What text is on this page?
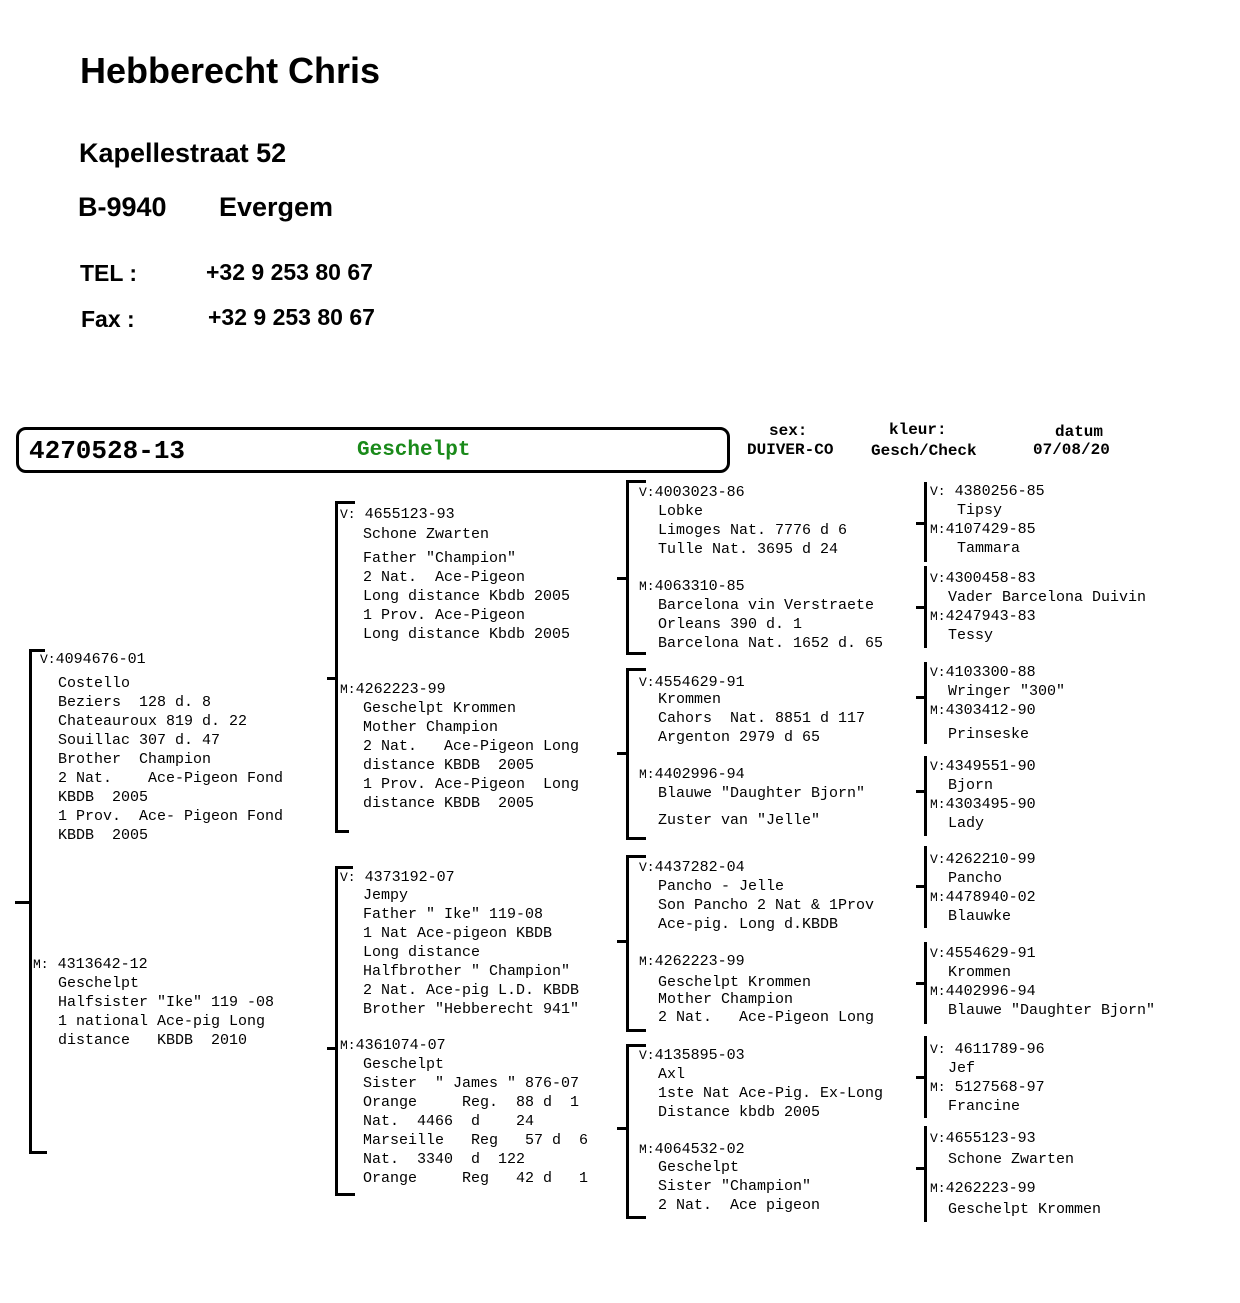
Hebberecht Chris
Kapellestraat 52
B-9940 Evergem
TEL :	+32 9 253 80 67
Fax :	+32 9 253 80 67
4270528-13	Geschelpt
sex:
DUIVER-CO
kleur:
Gesch/Check
datum
07/08/20
V:4094676-01
Costello
Beziers  128 d. 8
Chateauroux 819 d. 22
Souillac 307 d. 47
Brother  Champion
2 Nat.    Ace-Pigeon Fond
KBDB  2005
1 Prov.  Ace- Pigeon Fond
KBDB  2005
M: 4313642-12
Geschelpt
Halfsister "Ike" 119 -08
1 national Ace-pig Long
distance   KBDB  2010
V: 4655123-93
Schone Zwarten
Father "Champion"
2 Nat.  Ace-Pigeon
Long distance Kbdb 2005
1 Prov. Ace-Pigeon
Long distance Kbdb 2005
M:4262223-99
Geschelpt Krommen
Mother Champion
2 Nat.   Ace-Pigeon Long
distance KBDB  2005
1 Prov. Ace-Pigeon  Long
distance KBDB  2005
V: 4373192-07
Jempy
Father " Ike" 119-08
1 Nat Ace-pigeon KBDB
Long distance
Halfbrother " Champion"
2 Nat. Ace-pig L.D. KBDB
Brother "Hebberecht 941"
M:4361074-07
Geschelpt
Sister  " James " 876-07
Orange     Reg.  88 d  1
Nat.  4466  d    24
Marseille   Reg   57 d  6
Nat.  3340  d  122
Orange     Reg   42 d   1
V:4003023-86
Lobke
Limoges Nat. 7776 d 6
Tulle Nat. 3695 d 24
M:4063310-85
Barcelona vin Verstraete
Orleans 390 d. 1
Barcelona Nat. 1652 d. 65
V:4554629-91
Krommen
Cahors  Nat. 8851 d 117
Argenton 2979 d 65
M:4402996-94
Blauwe "Daughter Bjorn"
Zuster van "Jelle"
V:4437282-04
Pancho - Jelle
Son Pancho 2 Nat & 1Prov
Ace-pig. Long d.KBDB
M:4262223-99
Geschelpt Krommen
Mother Champion
2 Nat.   Ace-Pigeon Long
V:4135895-03
Axl
1ste Nat Ace-Pig. Ex-Long
Distance kbdb 2005
M:4064532-02
Geschelpt
Sister "Champion"
2 Nat.  Ace pigeon
V: 4380256-85
Tipsy
M:4107429-85
Tammara
V:4300458-83
Vader Barcelona Duivin
M:4247943-83
Tessy
V:4103300-88
Wringer "300"
M:4303412-90
Prinseske
V:4349551-90
Bjorn
M:4303495-90
Lady
V:4262210-99
Pancho
M:4478940-02
Blauwke
V:4554629-91
Krommen
M:4402996-94
Blauwe "Daughter Bjorn"
V: 4611789-96
Jef
M: 5127568-97
Francine
V:4655123-93
Schone Zwarten
M:4262223-99
Geschelpt Krommen
